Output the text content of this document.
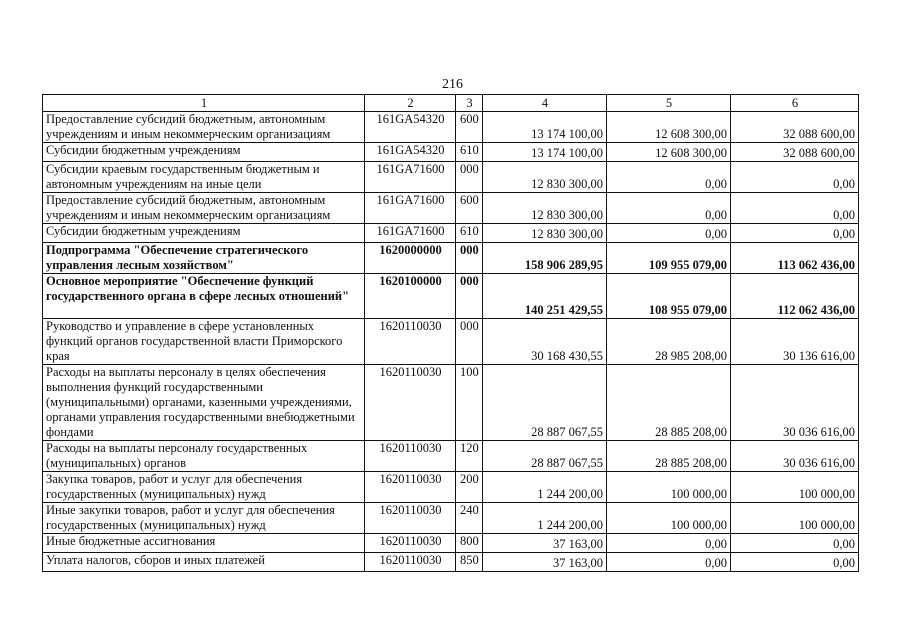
216
1	2	3	4	5	6
Предоставление субсидий бюджетным, автономным учреждениям и иным некоммерческим организациям	161GA54320	600	13 174 100,00	12 608 300,00	32 088 600,00
Субсидии бюджетным учреждениям	161GA54320	610	13 174 100,00	12 608 300,00	32 088 600,00
Субсидии краевым государственным бюджетным и автономным учреждениям на иные цели	161GA71600	000	12 830 300,00	0,00	0,00
Предоставление субсидий бюджетным, автономным учреждениям и иным некоммерческим организациям	161GA71600	600	12 830 300,00	0,00	0,00
Субсидии бюджетным учреждениям	161GA71600	610	12 830 300,00	0,00	0,00
Подпрограмма "Обеспечение стратегического управления лесным хозяйством"	1620000000	000	158 906 289,95	109 955 079,00	113 062 436,00
Основное мероприятие "Обеспечение функций государственного органа в сфере лесных отношений"	1620100000	000	140 251 429,55	108 955 079,00	112 062 436,00
Руководство и управление в сфере установленных функций органов государственной власти Приморского края	1620110030	000	30 168 430,55	28 985 208,00	30 136 616,00
Расходы на выплаты персоналу в целях обеспечения выполнения функций государственными (муниципальными) органами, казенными учреждениями, органами управления государственными внебюджетными фондами	1620110030	100	28 887 067,55	28 885 208,00	30 036 616,00
Расходы на выплаты персоналу государственных (муниципальных) органов	1620110030	120	28 887 067,55	28 885 208,00	30 036 616,00
Закупка товаров, работ и услуг для обеспечения государственных (муниципальных) нужд	1620110030	200	1 244 200,00	100 000,00	100 000,00
Иные закупки товаров, работ и услуг для обеспечения государственных (муниципальных) нужд	1620110030	240	1 244 200,00	100 000,00	100 000,00
Иные бюджетные ассигнования	1620110030	800	37 163,00	0,00	0,00
Уплата налогов, сборов и иных платежей	1620110030	850	37 163,00	0,00	0,00
